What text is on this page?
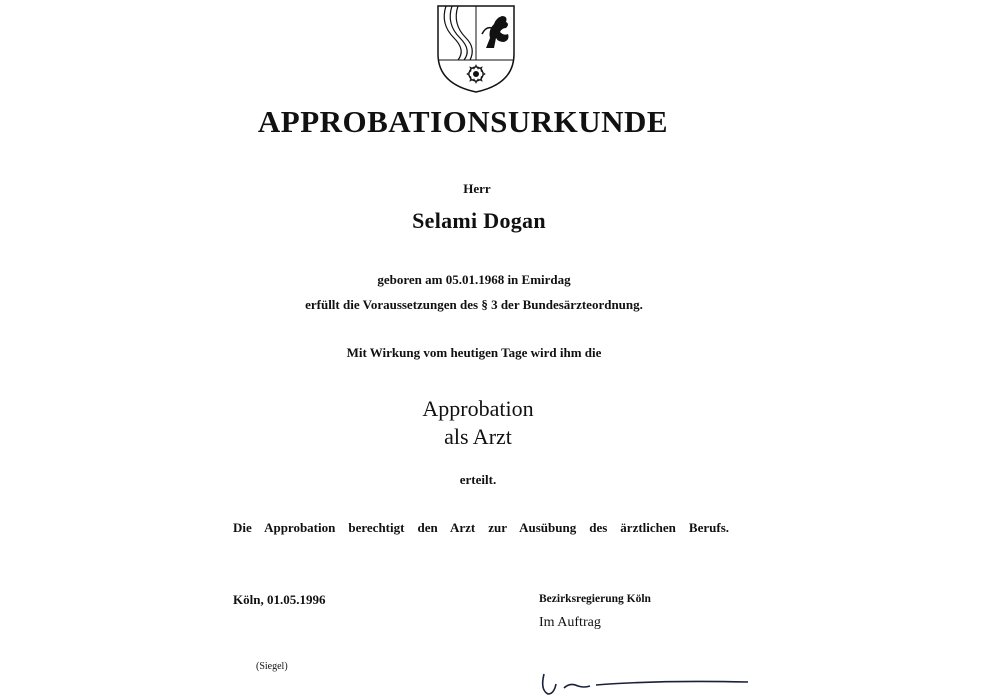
APPROBATIONSURKUNDE
Herr
Selami Dogan
geboren am 05.01.1968 in Emirdag
erfüllt die Voraussetzungen des § 3 der Bundesärzteordnung.
Mit Wirkung vom heutigen Tage wird ihm die
Approbation
als Arzt
erteilt.
Die Approbation berechtigt den Arzt zur Ausübung des ärztlichen Berufs.
Köln, 01.05.1996	Bezirksregierung Köln
Im Auftrag
(Siegel)
